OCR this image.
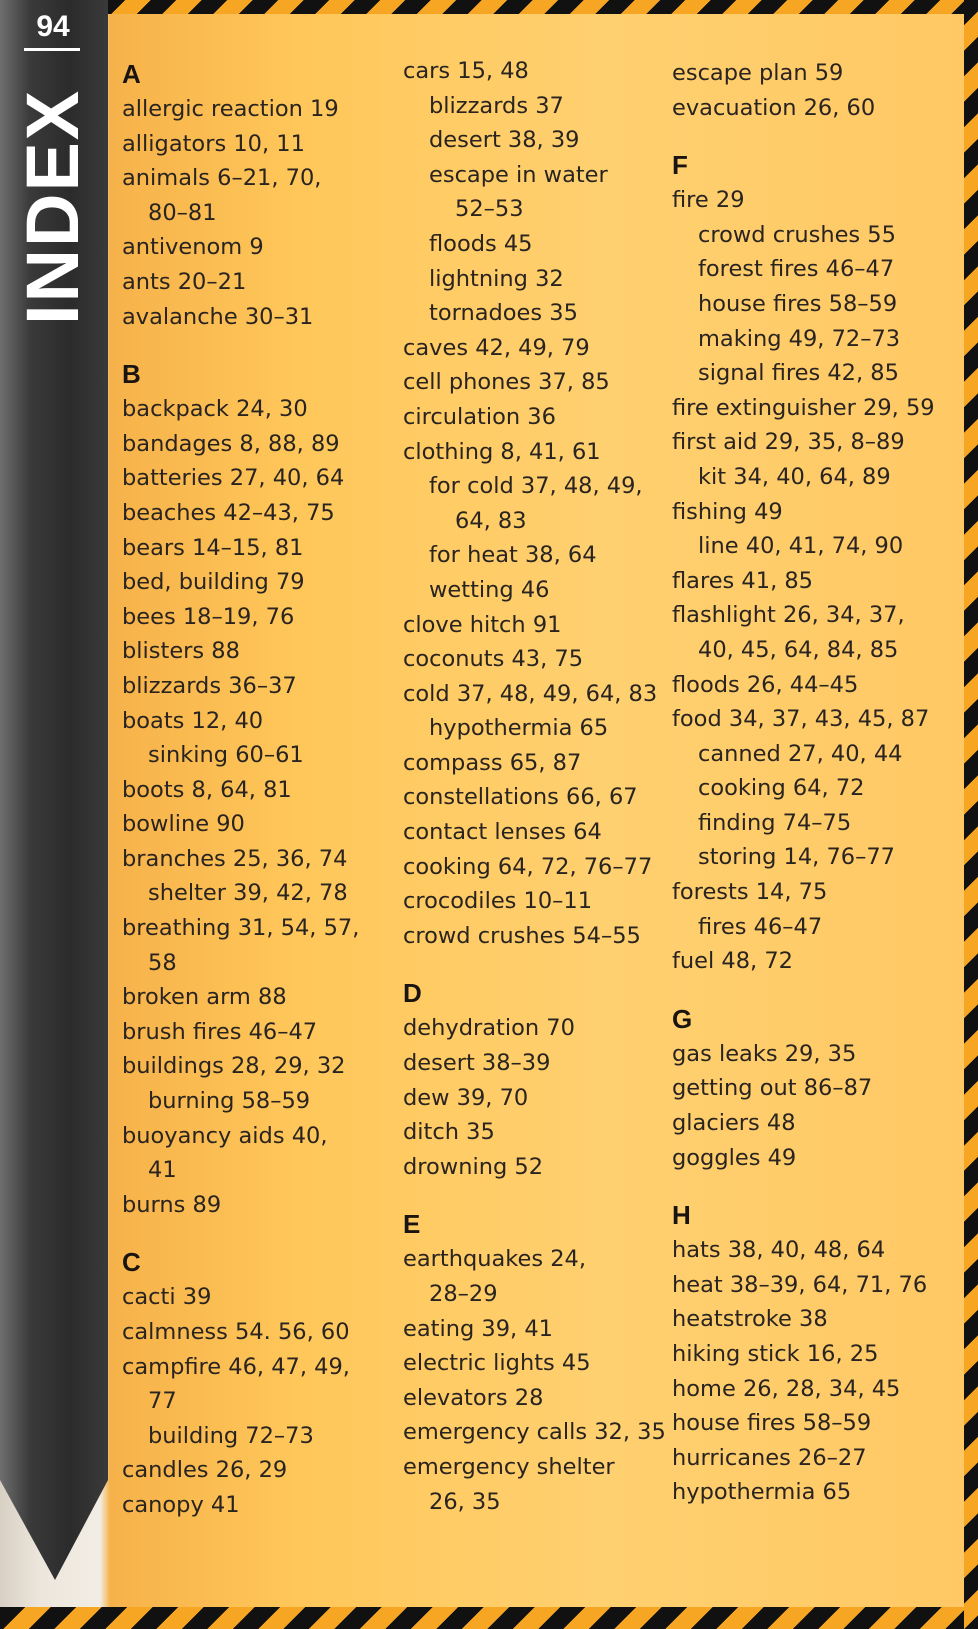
94
INDEX
A
allergic reaction 19
alligators 10, 11
animals 6–21, 70,
80–81
antivenom 9
ants 20–21
avalanche 30–31
B
backpack 24, 30
bandages 8, 88, 89
batteries 27, 40, 64
beaches 42–43, 75
bears 14–15, 81
bed, building 79
bees 18–19, 76
blisters 88
blizzards 36–37
boats 12, 40
sinking 60–61
boots 8, 64, 81
bowline 90
branches 25, 36, 74
shelter 39, 42, 78
breathing 31, 54, 57,
58
broken arm 88
brush fires 46–47
buildings 28, 29, 32
burning 58–59
buoyancy aids 40,
41
burns 89
C
cacti 39
calmness 54. 56, 60
campfire 46, 47, 49,
77
building 72–73
candles 26, 29
canopy 41
cars 15, 48
blizzards 37
desert 38, 39
escape in water
52–53
floods 45
lightning 32
tornadoes 35
caves 42, 49, 79
cell phones 37, 85
circulation 36
clothing 8, 41, 61
for cold 37, 48, 49,
64, 83
for heat 38, 64
wetting 46
clove hitch 91
coconuts 43, 75
cold 37, 48, 49, 64, 83
hypothermia 65
compass 65, 87
constellations 66, 67
contact lenses 64
cooking 64, 72, 76–77
crocodiles 10–11
crowd crushes 54–55
D
dehydration 70
desert 38–39
dew 39, 70
ditch 35
drowning 52
E
earthquakes 24,
28–29
eating 39, 41
electric lights 45
elevators 28
emergency calls 32, 35
emergency shelter
26, 35
escape plan 59
evacuation 26, 60
F
fire 29
crowd crushes 55
forest fires 46–47
house fires 58–59
making 49, 72–73
signal fires 42, 85
fire extinguisher 29, 59
first aid 29, 35, 8–89
kit 34, 40, 64, 89
fishing 49
line 40, 41, 74, 90
flares 41, 85
flashlight 26, 34, 37,
40, 45, 64, 84, 85
floods 26, 44–45
food 34, 37, 43, 45, 87
canned 27, 40, 44
cooking 64, 72
finding 74–75
storing 14, 76–77
forests 14, 75
fires 46–47
fuel 48, 72
G
gas leaks 29, 35
getting out 86–87
glaciers 48
goggles 49
H
hats 38, 40, 48, 64
heat 38–39, 64, 71, 76
heatstroke 38
hiking stick 16, 25
home 26, 28, 34, 45
house fires 58–59
hurricanes 26–27
hypothermia 65
